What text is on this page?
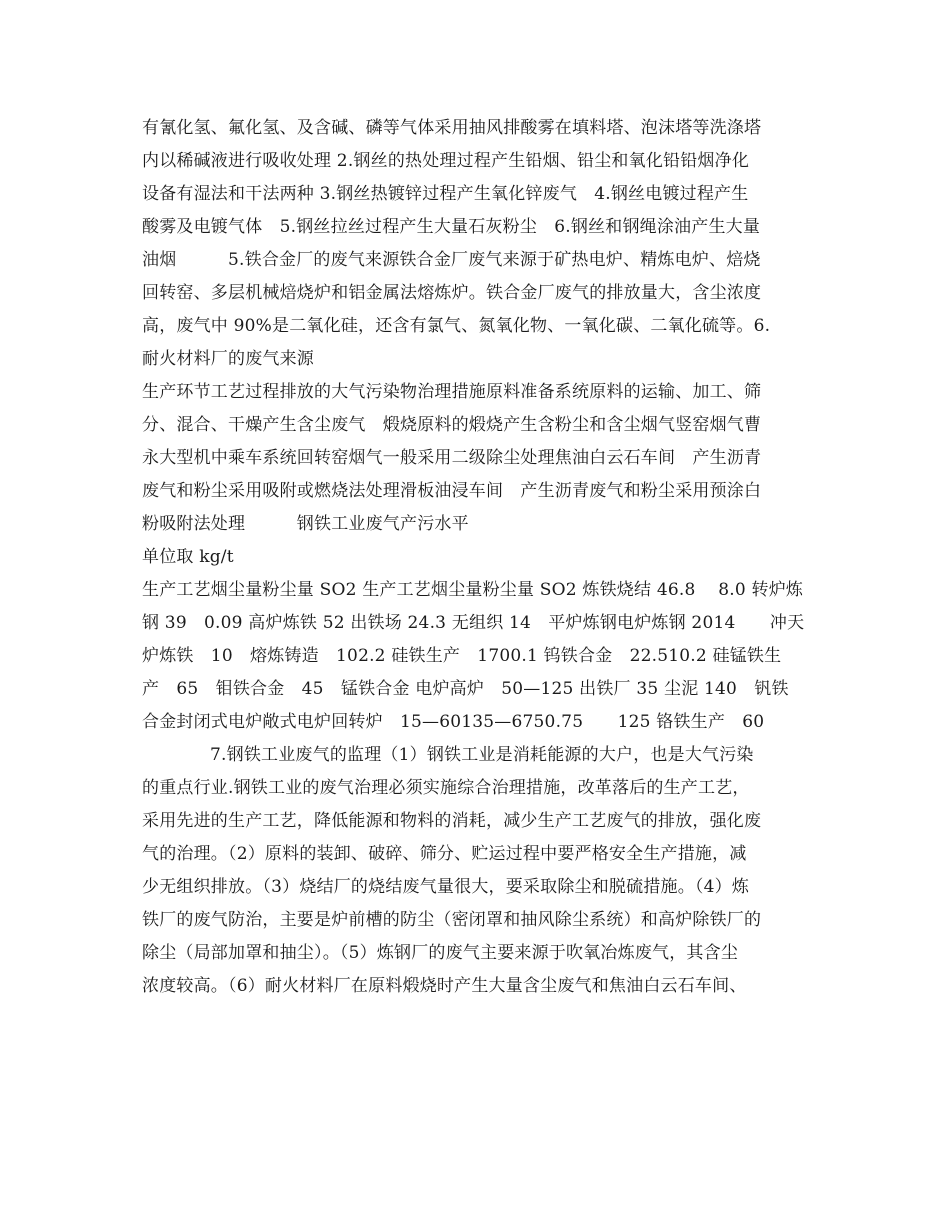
有氰化氢、氟化氢、及含碱、磷等气体采用抽风排酸雾在填料塔、泡沫塔等洗涤塔
内以稀碱液进行吸收处理 2.钢丝的热处理过程产生铅烟、铅尘和氧化铅铅烟净化
设备有湿法和干法两种 3.钢丝热镀锌过程产生氧化锌废气　4.钢丝电镀过程产生
酸雾及电镀气体　5.钢丝拉丝过程产生大量石灰粉尘　6.钢丝和钢绳涂油产生大量
油烟　　　5.铁合金厂的废气来源铁合金厂废气来源于矿热电炉、精炼电炉、焙烧
回转窑、多层机械焙烧炉和铝金属法熔炼炉。铁合金厂废气的排放量大，含尘浓度
高，废气中 90%是二氧化硅，还含有氯气、氮氧化物、一氧化碳、二氧化硫等。6.
耐火材料厂的废气来源
生产环节工艺过程排放的大气污染物治理措施原料准备系统原料的运输、加工、筛
分、混合、干燥产生含尘废气　煅烧原料的煅烧产生含粉尘和含尘烟气竖窑烟气曹
永大型机中乘车系统回转窑烟气一般采用二级除尘处理焦油白云石车间　产生沥青
废气和粉尘采用吸附或燃烧法处理滑板油浸车间　产生沥青废气和粉尘采用预涂白
粉吸附法处理　　　钢铁工业废气产污水平
单位取 kg/t
生产工艺烟尘量粉尘量 SO2 生产工艺烟尘量粉尘量 SO2 炼铁烧结 46.8　 8.0 转炉炼
钢 39　0.09 高炉炼铁 52 出铁场 24.3 无组织 14　平炉炼钢电炉炼钢 2014　　冲天
炉炼铁　10　熔炼铸造　102.2 硅铁生产　1700.1 钨铁合金　22.510.2 硅锰铁生
产　65　钼铁合金　45　锰铁合金 电炉高炉　50—125 出铁厂 35 尘泥 140　钒铁
合金封闭式电炉敞式电炉回转炉　15—60135—6750.75　　125 铬铁生产　60
7.钢铁工业废气的监理（1）钢铁工业是消耗能源的大户，也是大气污染
的重点行业.钢铁工业的废气治理必须实施综合治理措施，改革落后的生产工艺，
采用先进的生产工艺，降低能源和物料的消耗，减少生产工艺废气的排放，强化废
气的治理。（2）原料的装卸、破碎、筛分、贮运过程中要严格安全生产措施，减
少无组织排放。（3）烧结厂的烧结废气量很大，要采取除尘和脱硫措施。（4）炼
铁厂的废气防治，主要是炉前槽的防尘（密闭罩和抽风除尘系统）和高炉除铁厂的
除尘（局部加罩和抽尘）。（5）炼钢厂的废气主要来源于吹氧冶炼废气，其含尘
浓度较高。（6）耐火材料厂在原料煅烧时产生大量含尘废气和焦油白云石车间、
